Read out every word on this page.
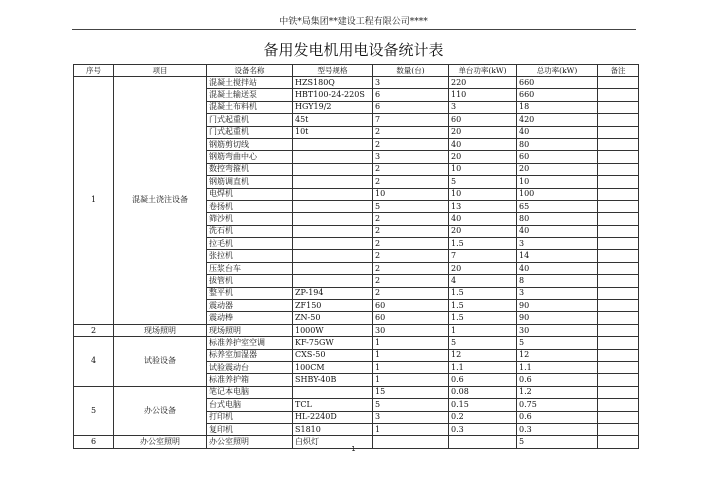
中铁*局集团**建设工程有限公司****
备用发电机用电设备统计表
序号	项目	设备名称	型号规格	数量(台)	单台功率(kW)	总功率(kW)	备注
1	混凝土浇注设备	混凝土搅拌站	HZS180Q	3	220	660	
		混凝土输送泵	HBT100-24-220S	6	110	660	
		混凝土布料机	HGY19/2	6	3	18	
		门式起重机	45t	7	60	420	
		门式起重机	10t	2	20	40	
		钢筋剪切线		2	40	80	
		钢筋弯曲中心		3	20	60	
		数控弯箍机		2	10	20	
		钢筋调直机		2	5	10	
		电焊机		10	10	100	
		卷扬机		5	13	65	
		筛沙机		2	40	80	
		洗石机		2	20	40	
		拉毛机		2	1.5	3	
		张拉机		2	7	14	
		压浆台车		2	20	40	
		拔管机		2	4	8	
		整平机	ZP-194	2	1.5	3	
		震动器	ZF150	60	1.5	90	
		震动棒	ZN-50	60	1.5	90	
2	现场照明	现场照明	1000W	30	1	30	
4	试验设备	标准养护室空调	KF-75GW	1	5	5	
		标养室加湿器	CXS-50	1	12	12	
		试验震动台	100CM	1	1.1	1.1	
		标准养护箱	SHBY-40B	1	0.6	0.6	
5	办公设备	笔记本电脑		15	0.08	1.2	
		台式电脑	TCL	5	0.15	0.75	
		打印机	HL-2240D	3	0.2	0.6	
		复印机	S1810	1	0.3	0.3	
6	办公室照明	办公室照明	白炽灯			5	
1
